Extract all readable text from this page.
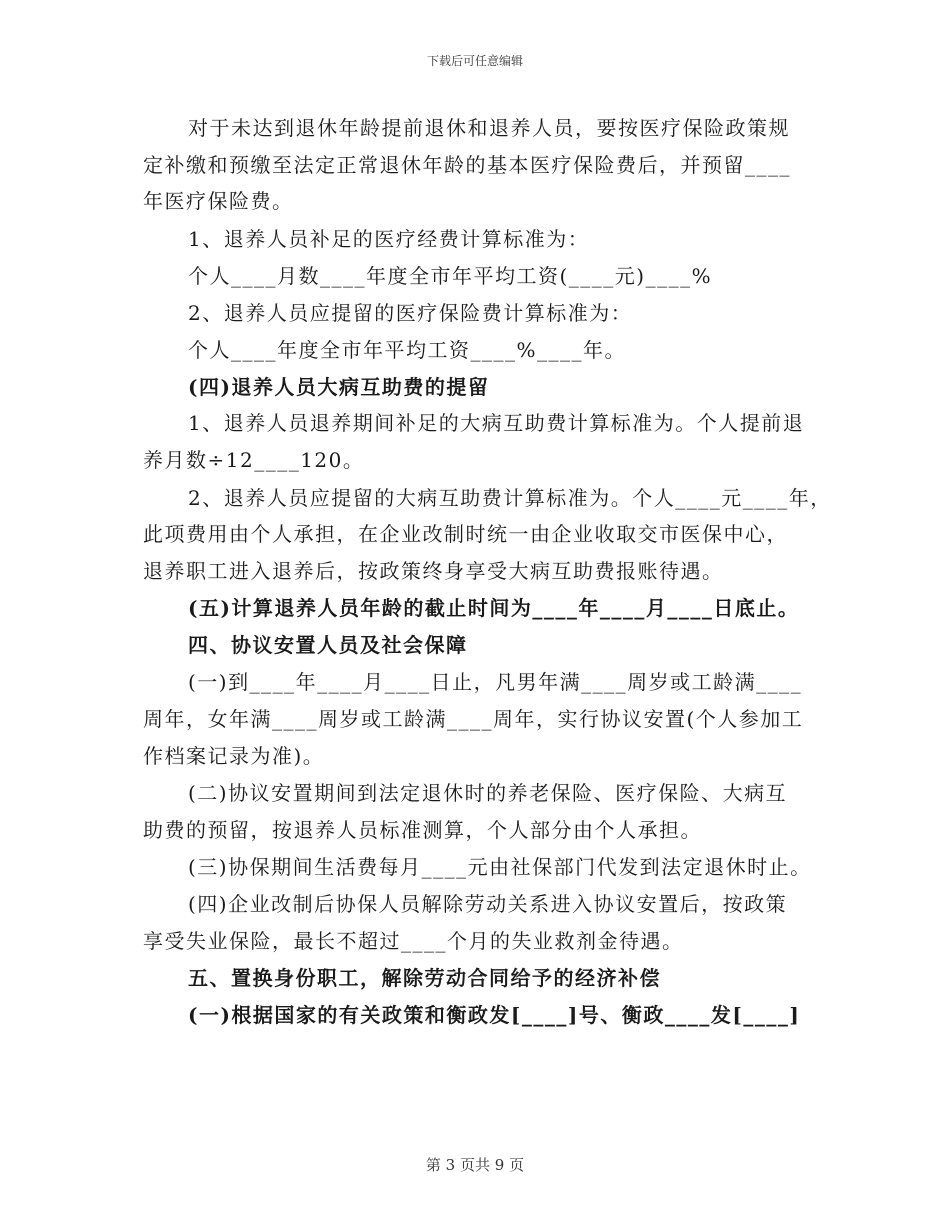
下载后可任意编辑
对于未达到退休年龄提前退休和退养人员，要按医疗保险政策规
定补缴和预缴至法定正常退休年龄的基本医疗保险费后，并预留____
年医疗保险费。
1、退养人员补足的医疗经费计算标准为：
个人____月数____年度全市年平均工资(____元)____%
2、退养人员应提留的医疗保险费计算标准为：
个人____年度全市年平均工资____%____年。
(四)退养人员大病互助费的提留
1、退养人员退养期间补足的大病互助费计算标准为。个人提前退
养月数÷12____120。
2、退养人员应提留的大病互助费计算标准为。个人____元____年，
此项费用由个人承担，在企业改制时统一由企业收取交市医保中心，
退养职工进入退养后，按政策终身享受大病互助费报账待遇。
(五)计算退养人员年龄的截止时间为____年____月____日底止。
四、协议安置人员及社会保障
(一)到____年____月____日止，凡男年满____周岁或工龄满____
周年，女年满____周岁或工龄满____周年，实行协议安置(个人参加工
作档案记录为准)。
(二)协议安置期间到法定退休时的养老保险、医疗保险、大病互
助费的预留，按退养人员标准测算，个人部分由个人承担。
(三)协保期间生活费每月____元由社保部门代发到法定退休时止。
(四)企业改制后协保人员解除劳动关系进入协议安置后，按政策
享受失业保险，最长不超过____个月的失业救剂金待遇。
五、置换身份职工，解除劳动合同给予的经济补偿
(一)根据国家的有关政策和衡政发[____]号、衡政____发[____]
第 3 页共 9 页
